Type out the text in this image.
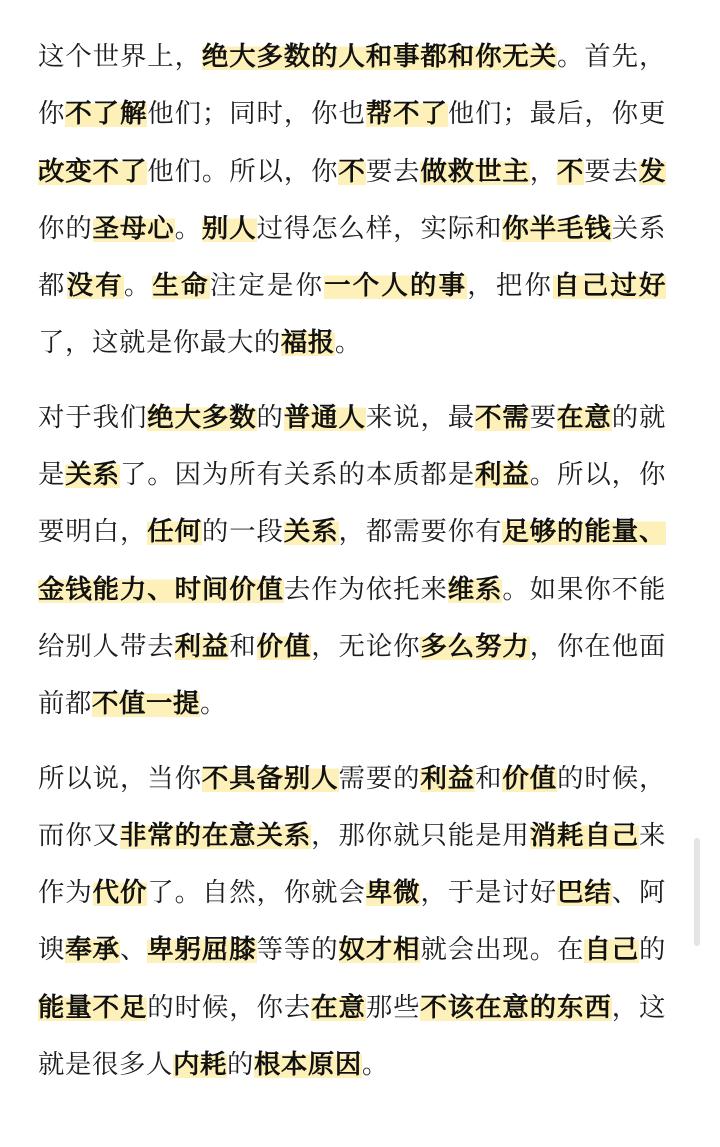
这个世界上，绝大多数的人和事都和你无关。首先，你不了解他们；同时，你也帮不了他们；最后，你更改变不了他们。所以，你不要去做救世主，不要去发你的圣母心。别人过得怎么样，实际和你半毛钱关系都没有。生命注定是你一个人的事，把你自己过好了，这就是你最大的福报。

对于我们绝大多数的普通人来说，最不需要在意的就是关系了。因为所有关系的本质都是利益。所以，你要明白，任何的一段关系，都需要你有足够的能量、金钱能力、时间价值去作为依托来维系。如果你不能给别人带去利益和价值，无论你多么努力，你在他面前都不值一提。

所以说，当你不具备别人需要的利益和价值的时候，而你又非常的在意关系，那你就只能是用消耗自己来作为代价了。自然，你就会卑微，于是讨好巴结、阿谀奉承、卑躬屈膝等等的奴才相就会出现。在自己的能量不足的时候，你去在意那些不该在意的东西，这就是很多人内耗的根本原因。
